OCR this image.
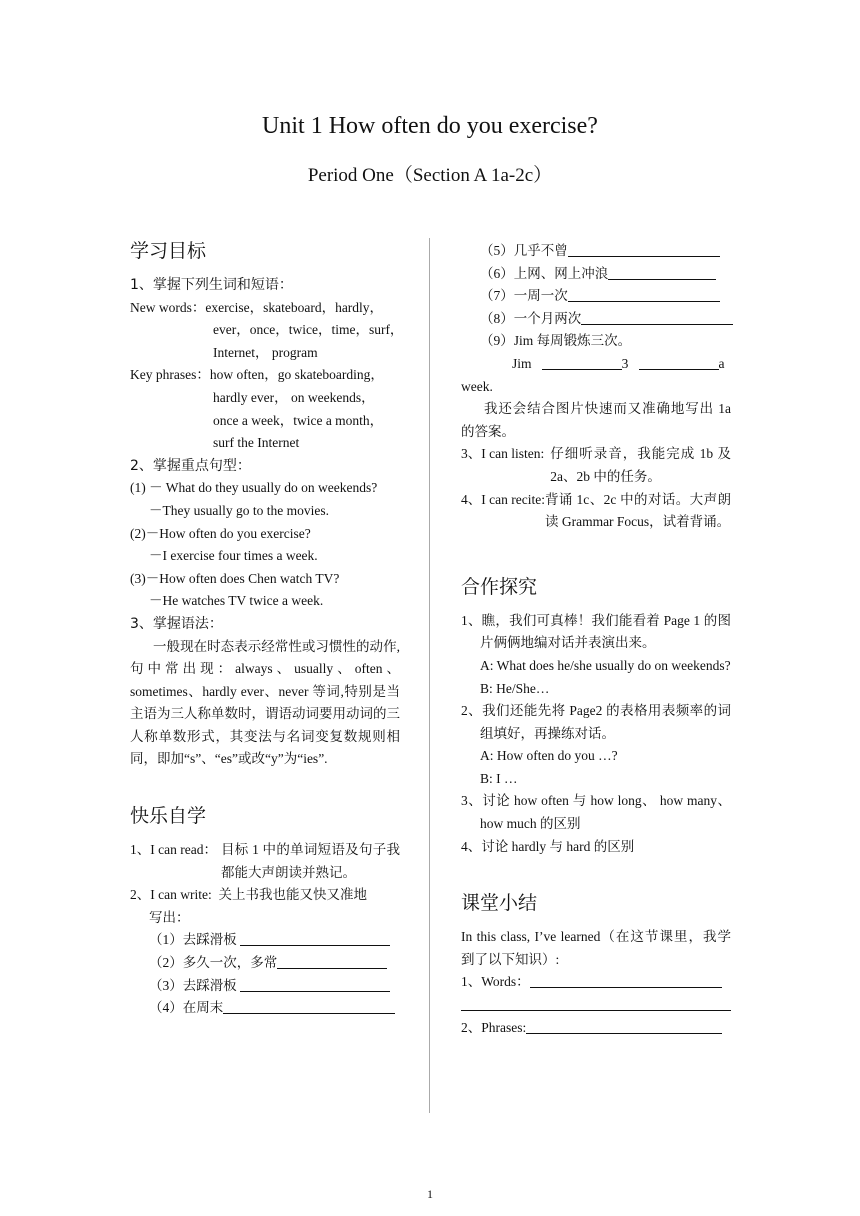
Unit 1 How often do you exercise?
Period One（Section A 1a-2c）
学习目标
1、掌握下列生词和短语：
New words：exercise，skateboard，hardly，
ever，once，twice，time，surf，
Internet， program
Key phrases：how often，go skateboarding，
hardly ever， on weekends，
once a week，twice a month，
surf the Internet
2、掌握重点句型：
(1) － What do they usually do on weekends?
－They usually go to the movies.
(2)－How often do you exercise?
－I exercise four times a week.
(3)－How often does Chen watch TV?
－He watches TV twice a week.
3、掌握语法：
一般现在时态表示经常性或习惯性的动作,句中常出现：always、usually、often、sometimes、hardly ever、never 等词,特别是当主语为三人称单数时，谓语动词要用动词的三人称单数形式，其变法与名词变复数规则相同，即加“s”、“es”或改“y”为“ies”.
快乐自学
1、I can read： 目标 1 中的单词短语及句子我都能大声朗读并熟记。
2、I can write: 关上书我也能又快又准地
写出：
（1）去踩滑板
（2）多久一次，多常
（3）去踩滑板
（4）在周末
（5）几乎不曾
（6）上网、网上冲浪
（7）一周一次
（8）一个月两次
（9）Jim 每周锻炼三次。
Jim	3	a
week.
我还会结合图片快速而又准确地写出 1a 的答案。
3、I can listen: 仔细听录音，我能完成 1b 及 2a、2b 中的任务。
4、I can recite: 背诵 1c、2c 中的对话。大声朗读 Grammar Focus，试着背诵。
合作探究
1、瞧，我们可真棒！我们能看着 Page 1 的图片俩俩地编对话并表演出来。
A: What does he/she usually do on weekends?
B: He/She…
2、我们还能先将 Page2 的表格用表频率的词组填好，再操练对话。
A: How often do you …?
B: I …
3、讨论 how often 与 how long、 how many、 how much 的区别
4、讨论 hardly 与 hard 的区别
课堂小结
In this class, I’ve learned（在这节课里，我学到了以下知识）:
1、Words：
2、Phrases:
1
